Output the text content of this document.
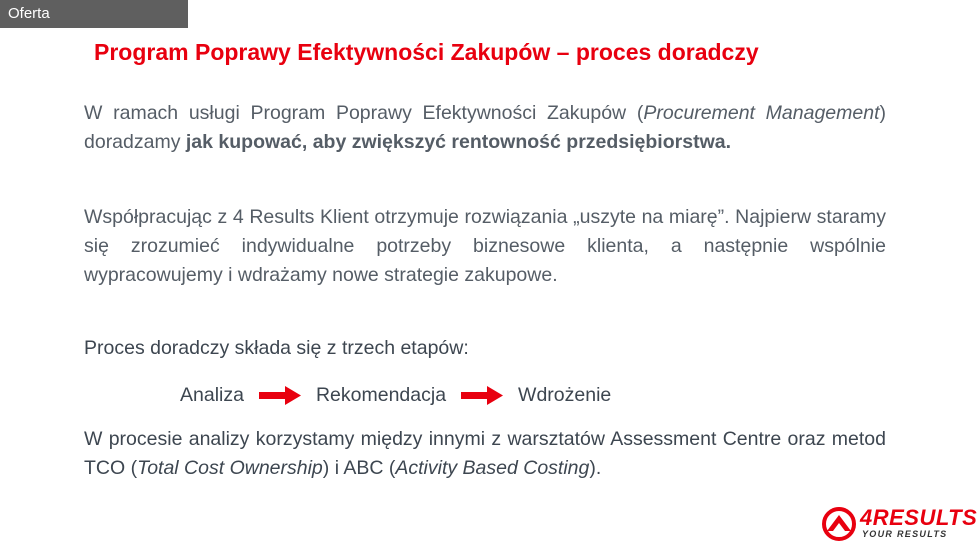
Oferta
Program Poprawy Efektywności Zakupów – proces doradczy
W ramach usługi Program Poprawy Efektywności Zakupów (Procurement Management) doradzamy jak kupować, aby zwiększyć rentowność przedsiębiorstwa.
Współpracując z 4 Results Klient otrzymuje rozwiązania „uszyte na miarę”. Najpierw staramy się zrozumieć indywidualne potrzeby biznesowe klienta, a następnie wspólnie wypracowujemy i wdrażamy nowe strategie zakupowe.
Proces doradczy składa się z trzech etapów:
Analiza	Rekomendacja	Wdrożenie
W procesie analizy korzystamy między innymi z warsztatów Assessment Centre oraz metod TCO (Total Cost Ownership) i ABC (Activity Based Costing).
4RESULTS
YOUR RESULTS
